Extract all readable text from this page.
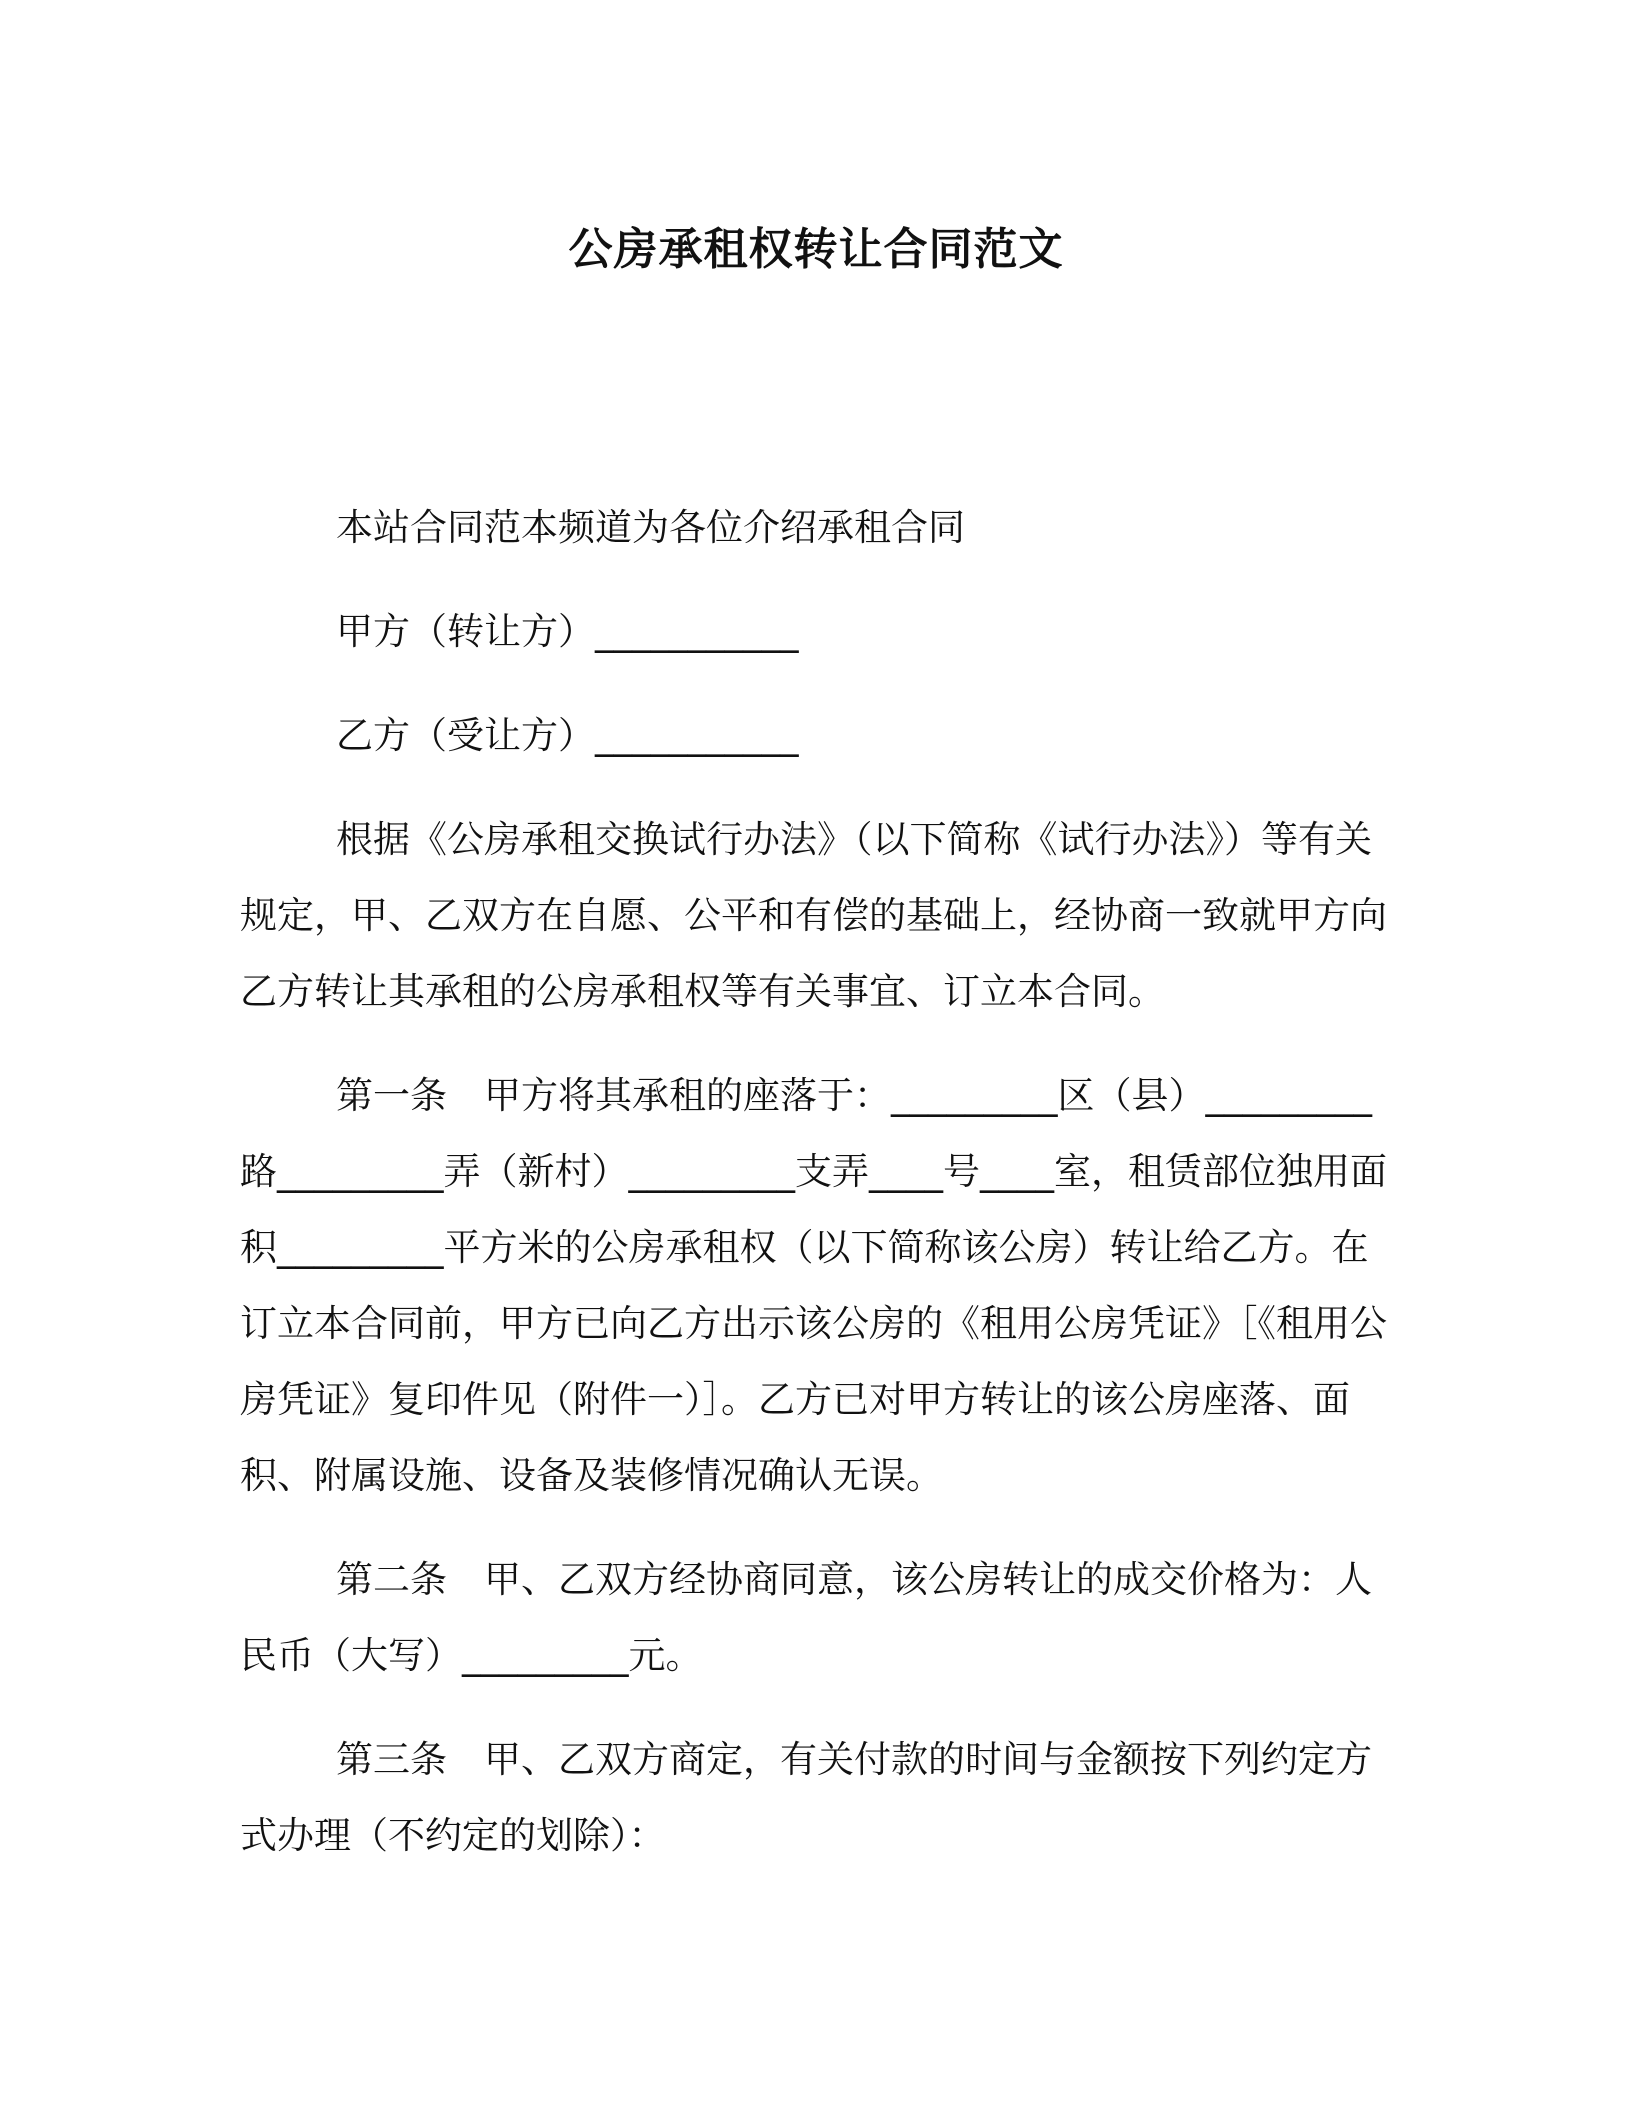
公房承租权转让合同范文

本站合同范本频道为各位介绍承租合同

甲方（转让方）___________

乙方（受让方）___________

根据《公房承租交换试行办法》（以下简称《试行办法》）等有关规定，甲、乙双方在自愿、公平和有偿的基础上，经协商一致就甲方向乙方转让其承租的公房承租权等有关事宜、订立本合同。

第一条　甲方将其承租的座落于：_________区（县）_________路_________弄（新村）_________支弄____号____室，租赁部位独用面积_________平方米的公房承租权（以下简称该公房）转让给乙方。在订立本合同前，甲方已向乙方出示该公房的《租用公房凭证》［《租用公房凭证》复印件见（附件一）］。乙方已对甲方转让的该公房座落、面积、附属设施、设备及装修情况确认无误。

第二条　甲、乙双方经协商同意，该公房转让的成交价格为：人民币（大写）_________元。

第三条　甲、乙双方商定，有关付款的时间与金额按下列约定方式办理（不约定的划除）：
